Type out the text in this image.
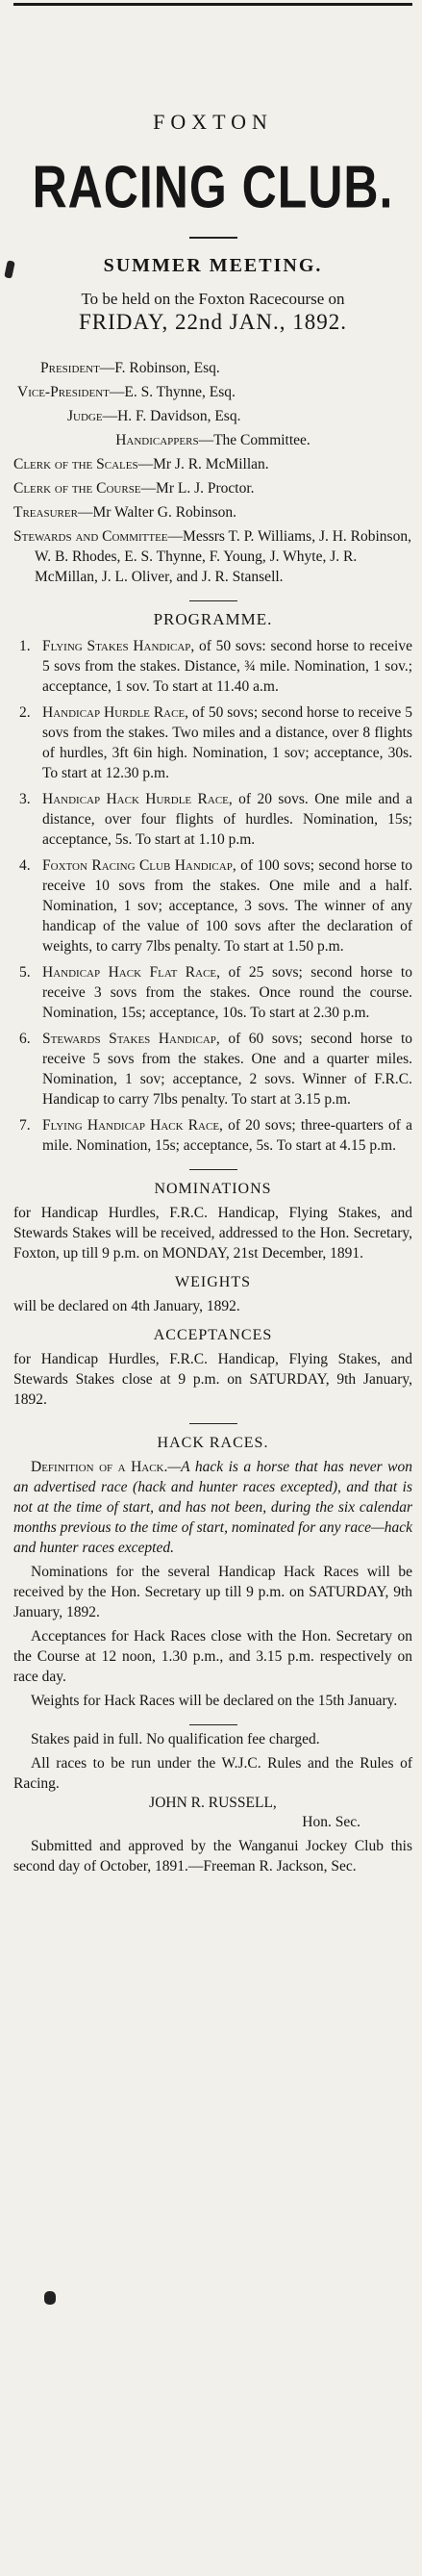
FOXTON
RACING CLUB.
SUMMER MEETING.
To be held on the Foxton Racecourse on
FRIDAY, 22nd JAN., 1892.
President—F. Robinson, Esq.
Vice-President—E. S. Thynne, Esq.
Judge—H. F. Davidson, Esq.
Handicappers—The Committee.
Clerk of the Scales—Mr J. R. McMillan.
Clerk of the Course—Mr L. J. Proctor.
Treasurer—Mr Walter G. Robinson.
Stewards and Committee—Messrs T. P. Williams, J. H. Robinson, W. B. Rhodes, E. S. Thynne, F. Young, J. Whyte, J. R. McMillan, J. L. Oliver, and J. R. Stansell.
PROGRAMME.
1. Flying Stakes Handicap, of 50 sovs: second horse to receive 5 sovs from the stakes. Distance, ¾ mile. Nomination, 1 sov.; acceptance, 1 sov. To start at 11.40 a.m.
2. Handicap Hurdle Race, of 50 sovs; second horse to receive 5 sovs from the stakes. Two miles and a distance, over 8 flights of hurdles, 3ft 6in high. Nomination, 1 sov; acceptance, 30s. To start at 12.30 p.m.
3. Handicap Hack Hurdle Race, of 20 sovs. One mile and a distance, over four flights of hurdles. Nomination, 15s; acceptance, 5s. To start at 1.10 p.m.
4. Foxton Racing Club Handicap, of 100 sovs; second horse to receive 10 sovs from the stakes. One mile and a half. Nomination, 1 sov; acceptance, 3 sovs. The winner of any handicap of the value of 100 sovs after the declaration of weights, to carry 7lbs penalty. To start at 1.50 p.m.
5. Handicap Hack Flat Race, of 25 sovs; second horse to receive 3 sovs from the stakes. Once round the course. Nomination, 15s; acceptance, 10s. To start at 2.30 p.m.
6. Stewards Stakes Handicap, of 60 sovs; second horse to receive 5 sovs from the stakes. One and a quarter miles. Nomination, 1 sov; acceptance, 2 sovs. Winner of F.R.C. Handicap to carry 7lbs penalty. To start at 3.15 p.m.
7. Flying Handicap Hack Race, of 20 sovs; three-quarters of a mile. Nomination, 15s; acceptance, 5s. To start at 4.15 p.m.
NOMINATIONS
for Handicap Hurdles, F.R.C. Handicap, Flying Stakes, and Stewards Stakes will be received, addressed to the Hon. Secretary, Foxton, up till 9 p.m. on MONDAY, 21st December, 1891.
WEIGHTS
will be declared on 4th January, 1892.
ACCEPTANCES
for Handicap Hurdles, F.R.C. Handicap, Flying Stakes, and Stewards Stakes close at 9 p.m. on SATURDAY, 9th January, 1892.
HACK RACES.
Definition of a Hack.—A hack is a horse that has never won an advertised race (hack and hunter races excepted), and that is not at the time of start, and has not been, during the six calendar months previous to the time of start, nominated for any race—hack and hunter races excepted.
Nominations for the several Handicap Hack Races will be received by the Hon. Secretary up till 9 p.m. on SATURDAY, 9th January, 1892.
Acceptances for Hack Races close with the Hon. Secretary on the Course at 12 noon, 1.30 p.m., and 3.15 p.m. respectively on race day.
Weights for Hack Races will be declared on the 15th January.
Stakes paid in full. No qualification fee charged.
All races to be run under the W.J.C. Rules and the Rules of Racing.
JOHN R. RUSSELL,
Hon. Sec.
Submitted and approved by the Wanganui Jockey Club this second day of October, 1891.—Freeman R. Jackson, Sec.
